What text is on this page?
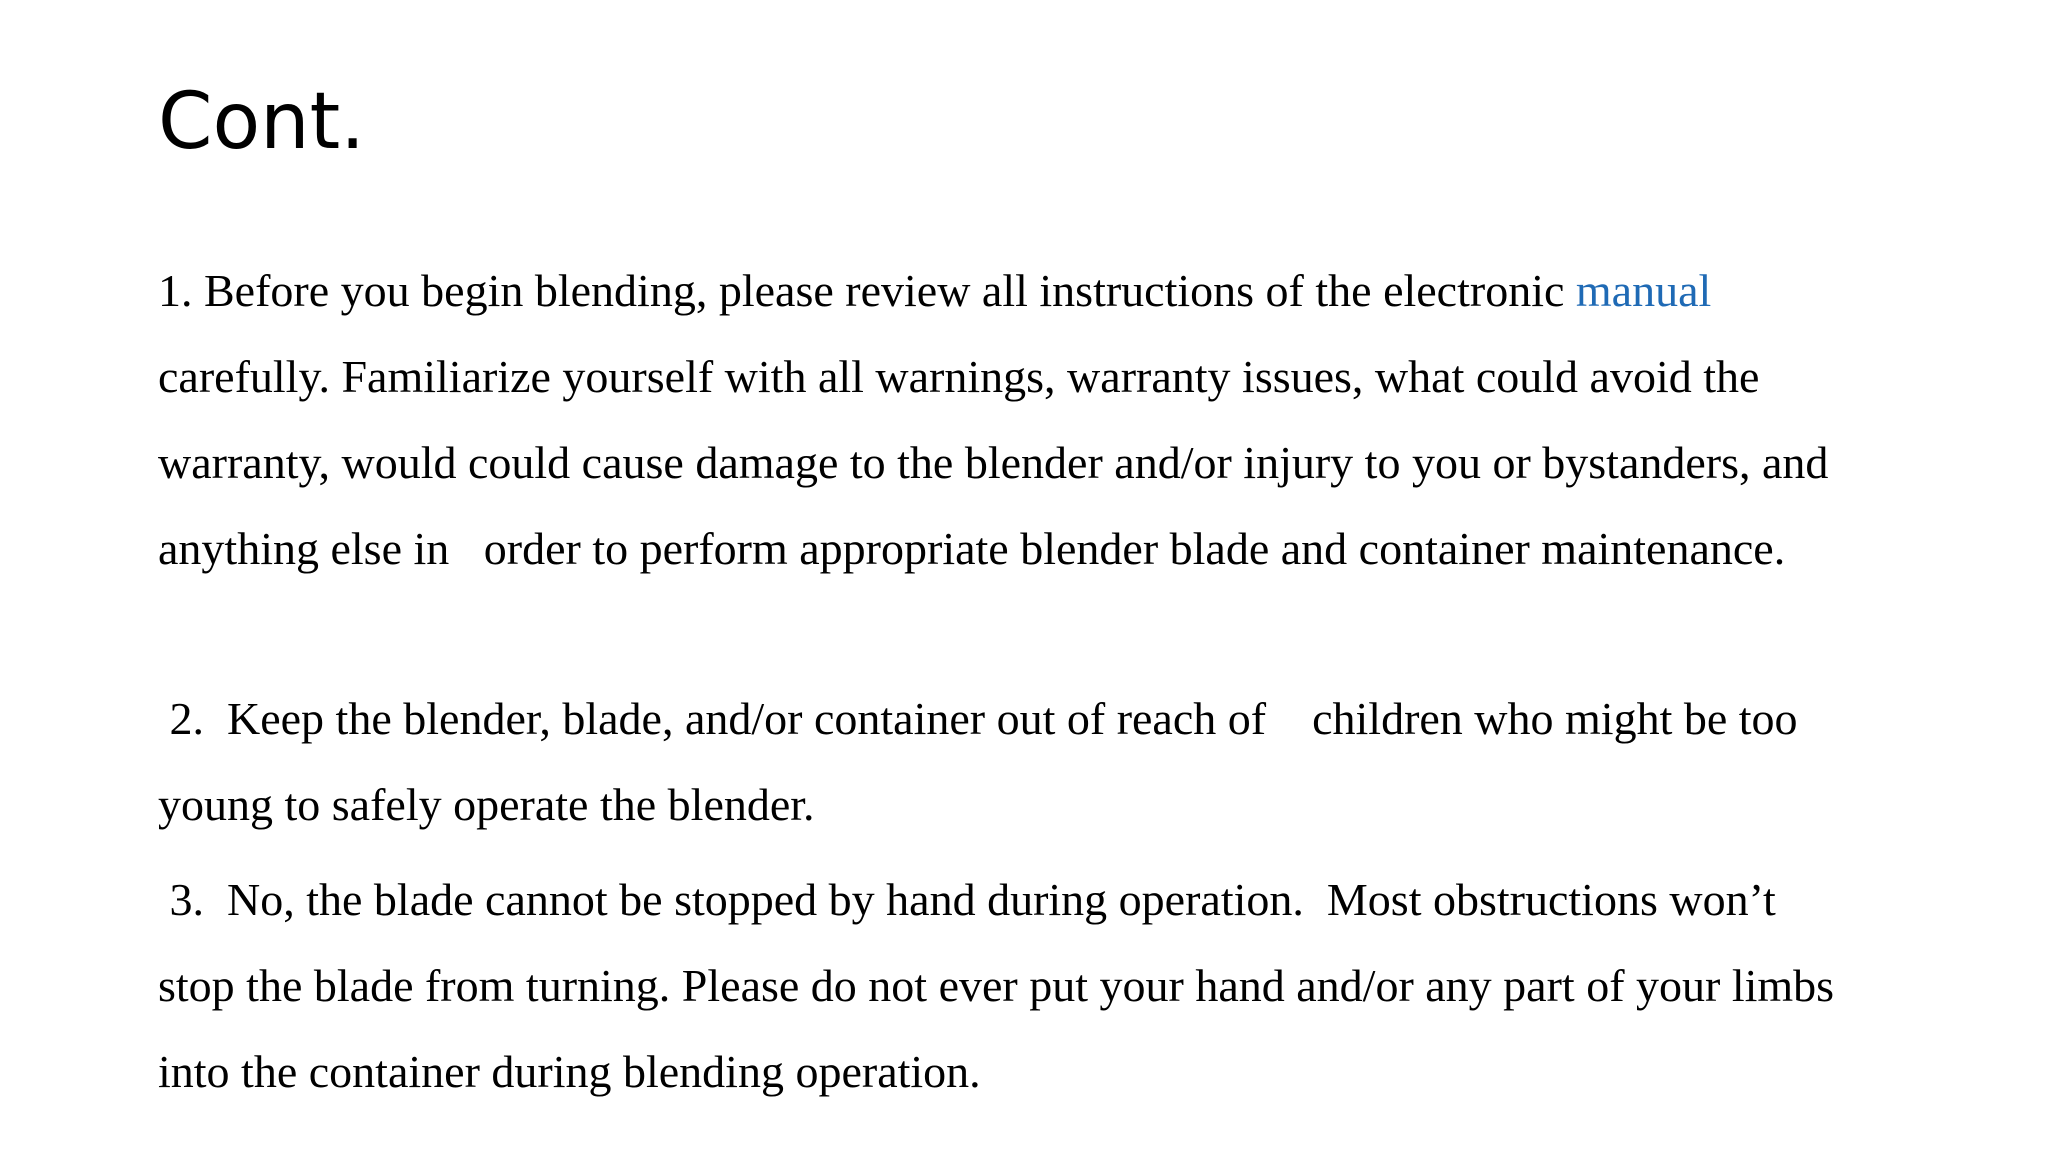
Cont.
1. Before you begin blending, please review all instructions of the electronic manual
carefully. Familiarize yourself with all warnings, warranty issues, what could avoid the
warranty, would could cause damage to the blender and/or injury to you or bystanders, and
anything else in   order to perform appropriate blender blade and container maintenance.
2.  Keep the blender, blade, and/or container out of reach of    children who might be too
young to safely operate the blender.
3.  No, the blade cannot be stopped by hand during operation.  Most obstructions won’t
stop the blade from turning. Please do not ever put your hand and/or any part of your limbs
into the container during blending operation.
